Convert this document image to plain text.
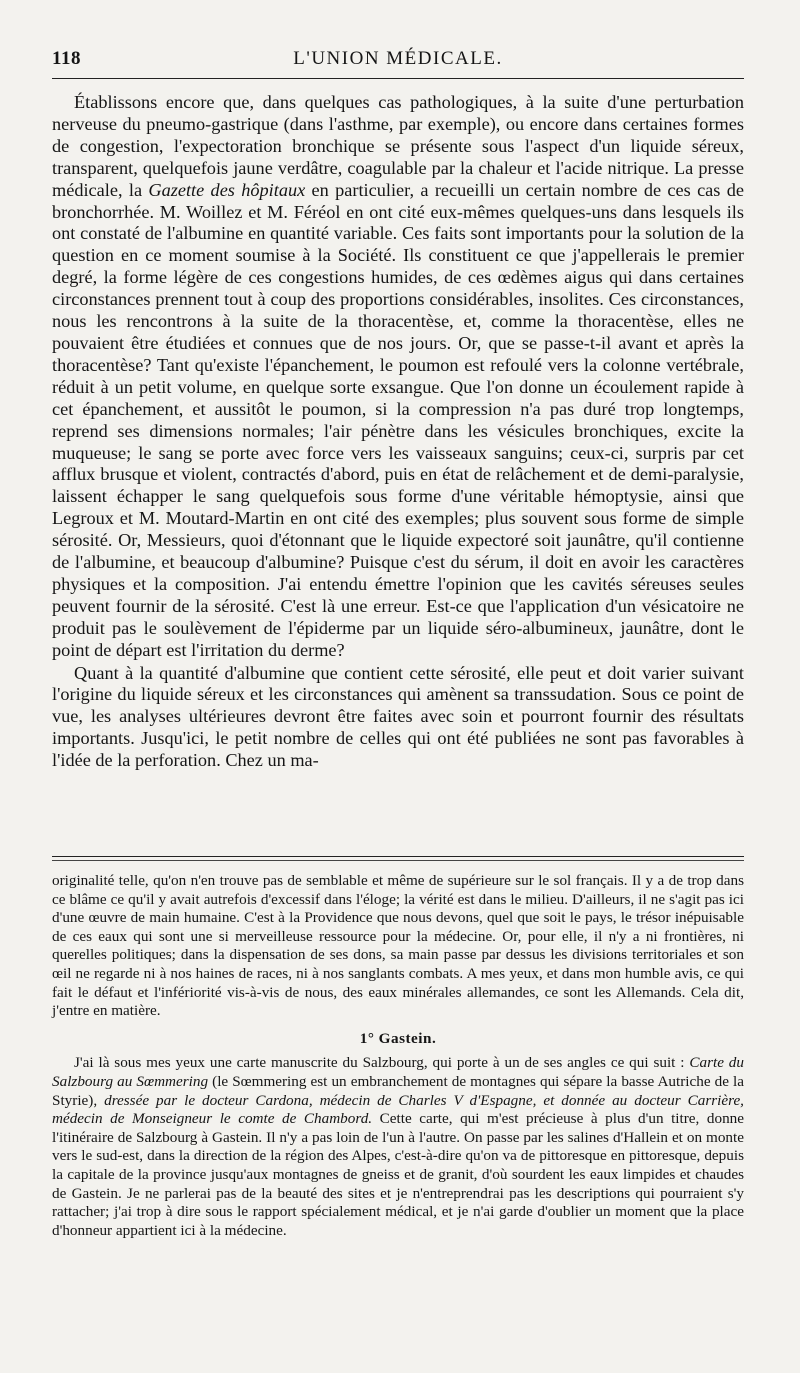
118	L'UNION MÉDICALE.

Établissons encore que, dans quelques cas pathologiques, à la suite d'une perturbation nerveuse du pneumo-gastrique (dans l'asthme, par exemple), ou encore dans certaines formes de congestion, l'expectoration bronchique se présente sous l'aspect d'un liquide séreux, transparent, quelquefois jaune verdâtre, coagulable par la chaleur et l'acide nitrique. La presse médicale, la Gazette des hôpitaux en particulier, a recueilli un certain nombre de ces cas de bronchorrhée. M. Woillez et M. Féréol en ont cité eux-mêmes quelques-uns dans lesquels ils ont constaté de l'albumine en quantité variable. Ces faits sont importants pour la solution de la question en ce moment soumise à la Société. Ils constituent ce que j'appellerais le premier degré, la forme légère de ces congestions humides, de ces œdèmes aigus qui dans certaines circonstances prennent tout à coup des proportions considérables, insolites. Ces circonstances, nous les rencontrons à la suite de la thoracentèse, et, comme la thoracentèse, elles ne pouvaient être étudiées et connues que de nos jours. Or, que se passe-t-il avant et après la thoracentèse? Tant qu'existe l'épanchement, le poumon est refoulé vers la colonne vertébrale, réduit à un petit volume, en quelque sorte exsangue. Que l'on donne un écoulement rapide à cet épanchement, et aussitôt le poumon, si la compression n'a pas duré trop longtemps, reprend ses dimensions normales; l'air pénètre dans les vésicules bronchiques, excite la muqueuse; le sang se porte avec force vers les vaisseaux sanguins; ceux-ci, surpris par cet afflux brusque et violent, contractés d'abord, puis en état de relâchement et de demi-paralysie, laissent échapper le sang quelquefois sous forme d'une véritable hémoptysie, ainsi que Legroux et M. Moutard-Martin en ont cité des exemples; plus souvent sous forme de simple sérosité. Or, Messieurs, quoi d'étonnant que le liquide expectoré soit jaunâtre, qu'il contienne de l'albumine, et beaucoup d'albumine? Puisque c'est du sérum, il doit en avoir les caractères physiques et la composition. J'ai entendu émettre l'opinion que les cavités séreuses seules peuvent fournir de la sérosité. C'est là une erreur. Est-ce que l'application d'un vésicatoire ne produit pas le soulèvement de l'épiderme par un liquide séro-albumineux, jaunâtre, dont le point de départ est l'irritation du derme?

Quant à la quantité d'albumine que contient cette sérosité, elle peut et doit varier suivant l'origine du liquide séreux et les circonstances qui amènent sa transsudation. Sous ce point de vue, les analyses ultérieures devront être faites avec soin et pourront fournir des résultats importants. Jusqu'ici, le petit nombre de celles qui ont été publiées ne sont pas favorables à l'idée de la perforation. Chez un ma-

originalité telle, qu'on n'en trouve pas de semblable et même de supérieure sur le sol français. Il y a de trop dans ce blâme ce qu'il y avait autrefois d'excessif dans l'éloge; la vérité est dans le milieu. D'ailleurs, il ne s'agit pas ici d'une œuvre de main humaine. C'est à la Providence que nous devons, quel que soit le pays, le trésor inépuisable de ces eaux qui sont une si merveilleuse ressource pour la médecine. Or, pour elle, il n'y a ni frontières, ni querelles politiques; dans la dispensation de ses dons, sa main passe par dessus les divisions territoriales et son œil ne regarde ni à nos haines de races, ni à nos sanglants combats. A mes yeux, et dans mon humble avis, ce qui fait le défaut et l'infériorité vis-à-vis de nous, des eaux minérales allemandes, ce sont les Allemands. Cela dit, j'entre en matière.

1° Gastein.

J'ai là sous mes yeux une carte manuscrite du Salzbourg, qui porte à un de ses angles ce qui suit : Carte du Salzbourg au Sœmmering (le Sœmmering est un embranchement de montagnes qui sépare la basse Autriche de la Styrie), dressée par le docteur Cardona, médecin de Charles V d'Espagne, et donnée au docteur Carrière, médecin de Monseigneur le comte de Chambord. Cette carte, qui m'est précieuse à plus d'un titre, donne l'itinéraire de Salzbourg à Gastein. Il n'y a pas loin de l'un à l'autre. On passe par les salines d'Hallein et on monte vers le sud-est, dans la direction de la région des Alpes, c'est-à-dire qu'on va de pittoresque en pittoresque, depuis la capitale de la province jusqu'aux montagnes de gneiss et de granit, d'où sourdent les eaux limpides et chaudes de Gastein. Je ne parlerai pas de la beauté des sites et je n'entreprendrai pas les descriptions qui pourraient s'y rattacher; j'ai trop à dire sous le rapport spécialement médical, et je n'ai garde d'oublier un moment que la place d'honneur appartient ici à la médecine.
